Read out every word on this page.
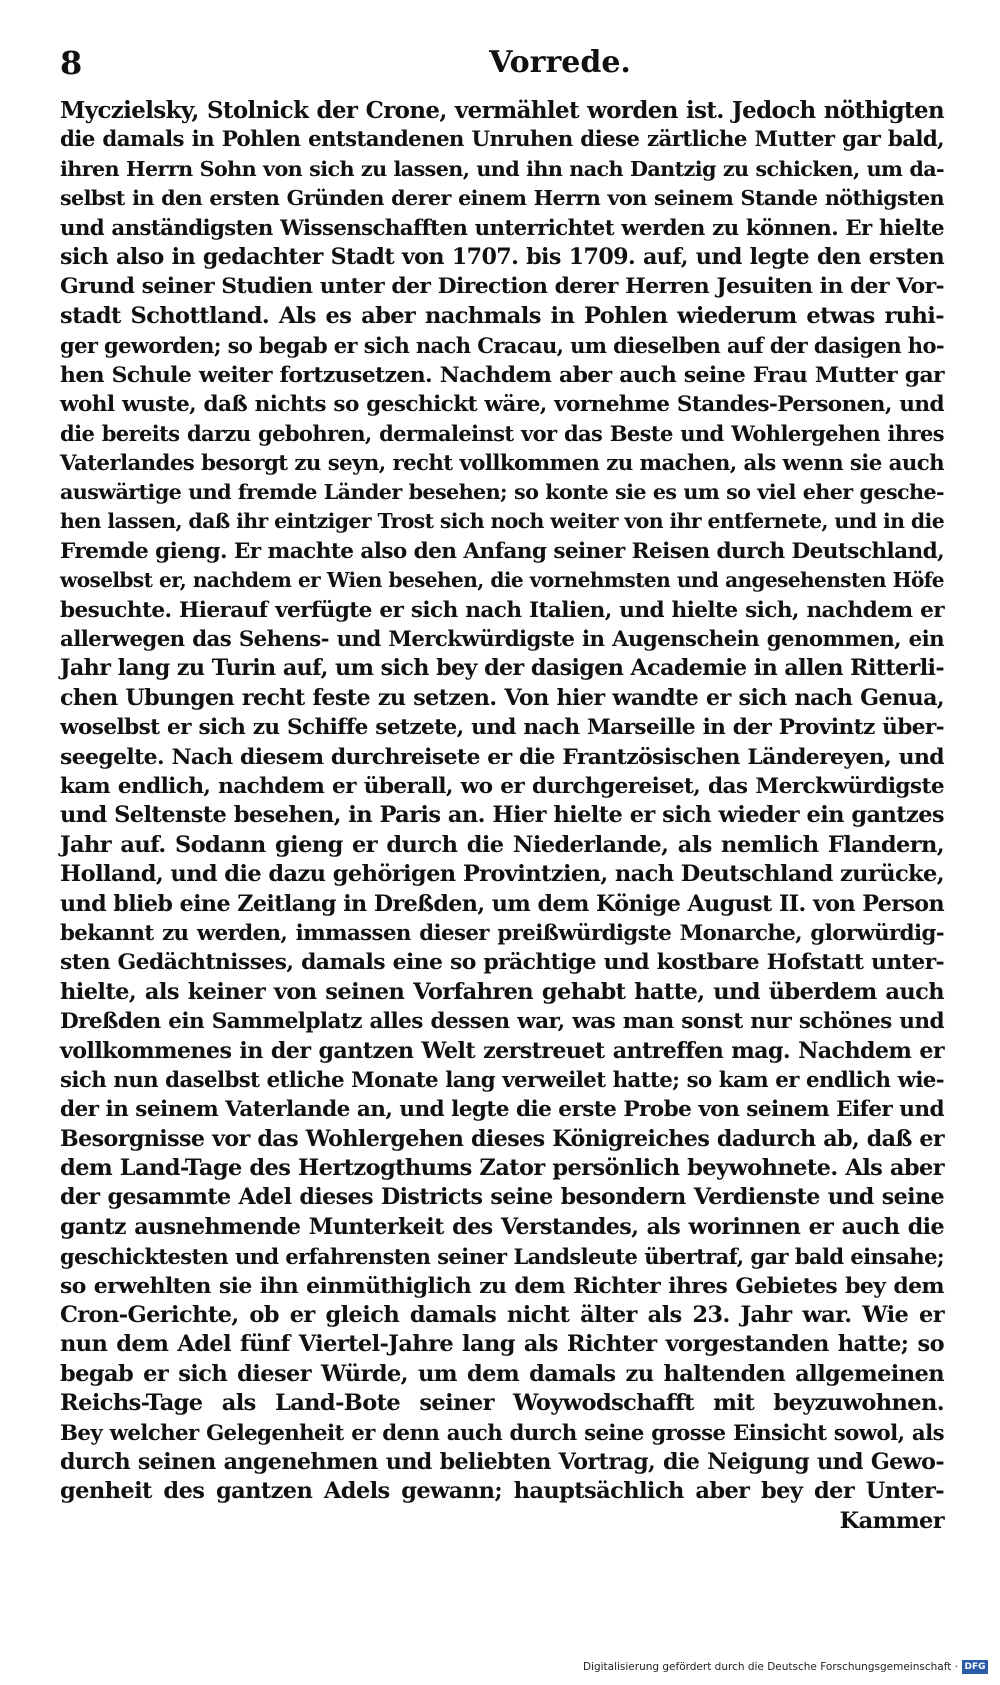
8	Vorrede.
Myczielsky, Stolnick der Crone, vermählet worden ist. Jedoch nöthigten
die damals in Pohlen entstandenen Unruhen diese zärtliche Mutter gar bald,
ihren Herrn Sohn von sich zu lassen, und ihn nach Dantzig zu schicken, um da-
selbst in den ersten Gründen derer einem Herrn von seinem Stande nöthigsten
und anständigsten Wissenschafften unterrichtet werden zu können. Er hielte
sich also in gedachter Stadt von 1707. bis 1709. auf, und legte den ersten
Grund seiner Studien unter der Direction derer Herren Jesuiten in der Vor-
stadt Schottland. Als es aber nachmals in Pohlen wiederum etwas ruhi-
ger geworden; so begab er sich nach Cracau, um dieselben auf der dasigen ho-
hen Schule weiter fortzusetzen. Nachdem aber auch seine Frau Mutter gar
wohl wuste, daß nichts so geschickt wäre, vornehme Standes-Personen, und
die bereits darzu gebohren, dermaleinst vor das Beste und Wohlergehen ihres
Vaterlandes besorgt zu seyn, recht vollkommen zu machen, als wenn sie auch
auswärtige und fremde Länder besehen; so konte sie es um so viel eher gesche-
hen lassen, daß ihr eintziger Trost sich noch weiter von ihr entfernete, und in die
Fremde gieng. Er machte also den Anfang seiner Reisen durch Deutschland,
woselbst er, nachdem er Wien besehen, die vornehmsten und angesehensten Höfe
besuchte. Hierauf verfügte er sich nach Italien, und hielte sich, nachdem er
allerwegen das Sehens- und Merckwürdigste in Augenschein genommen, ein
Jahr lang zu Turin auf, um sich bey der dasigen Academie in allen Ritterli-
chen Ubungen recht feste zu setzen. Von hier wandte er sich nach Genua,
woselbst er sich zu Schiffe setzete, und nach Marseille in der Provintz über-
seegelte. Nach diesem durchreisete er die Frantzösischen Ländereyen, und
kam endlich, nachdem er überall, wo er durchgereiset, das Merckwürdigste
und Seltenste besehen, in Paris an. Hier hielte er sich wieder ein gantzes
Jahr auf. Sodann gieng er durch die Niederlande, als nemlich Flandern,
Holland, und die dazu gehörigen Provintzien, nach Deutschland zurücke,
und blieb eine Zeitlang in Dreßden, um dem Könige August II. von Person
bekannt zu werden, immassen dieser preißwürdigste Monarche, glorwürdig-
sten Gedächtnisses, damals eine so prächtige und kostbare Hofstatt unter-
hielte, als keiner von seinen Vorfahren gehabt hatte, und überdem auch
Dreßden ein Sammelplatz alles dessen war, was man sonst nur schönes und
vollkommenes in der gantzen Welt zerstreuet antreffen mag. Nachdem er
sich nun daselbst etliche Monate lang verweilet hatte; so kam er endlich wie-
der in seinem Vaterlande an, und legte die erste Probe von seinem Eifer und
Besorgnisse vor das Wohlergehen dieses Königreiches dadurch ab, daß er
dem Land-Tage des Hertzogthums Zator persönlich beywohnete. Als aber
der gesammte Adel dieses Districts seine besondern Verdienste und seine
gantz ausnehmende Munterkeit des Verstandes, als worinnen er auch die
geschicktesten und erfahrensten seiner Landsleute übertraf, gar bald einsahe;
so erwehlten sie ihn einmüthiglich zu dem Richter ihres Gebietes bey dem
Cron-Gerichte, ob er gleich damals nicht älter als 23. Jahr war. Wie er
nun dem Adel fünf Viertel-Jahre lang als Richter vorgestanden hatte; so
begab er sich dieser Würde, um dem damals zu haltenden allgemeinen
Reichs-Tage als Land-Bote seiner Woywodschafft mit beyzuwohnen.
Bey welcher Gelegenheit er denn auch durch seine grosse Einsicht sowol, als
durch seinen angenehmen und beliebten Vortrag, die Neigung und Gewo-
genheit des gantzen Adels gewann; hauptsächlich aber bey der Unter-
Kammer
Digitalisierung gefördert durch die Deutsche Forschungsgemeinschaft · DFG
